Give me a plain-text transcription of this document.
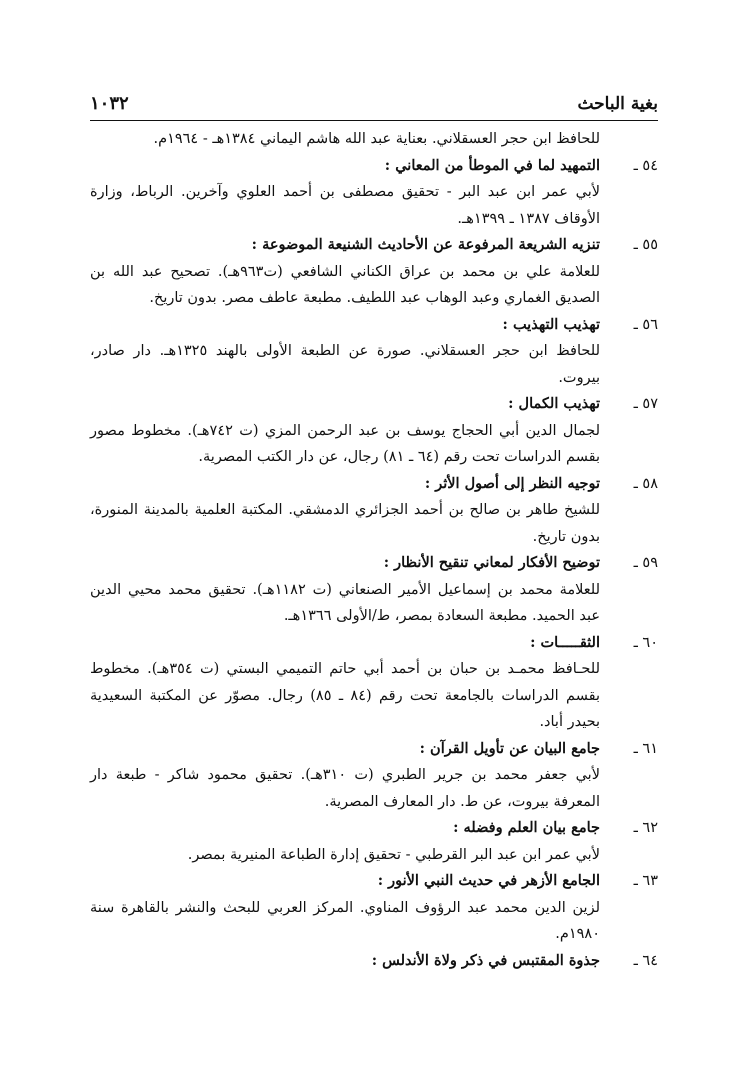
بغية الباحث
١٠٣٢
للحافظ ابن حجر العسقلاني. بعناية عبد الله هاشم اليماني ١٣٨٤هـ - ١٩٦٤م.
٥٤ ـ
التمهيد لما في الموطأ من المعاني :
لأبي عمر ابن عبد البر - تحقيق مصطفى بن أحمد العلوي وآخرين. الرباط، وزارة الأوقاف ١٣٨٧ ـ ١٣٩٩هـ.
٥٥ ـ
تنزيه الشريعة المرفوعة عن الأحاديث الشنيعة الموضوعة :
للعلامة علي بن محمد بن عراق الكناني الشافعي (ت٩٦٣هـ). تصحيح عبد الله بن الصديق الغماري وعبد الوهاب عبد اللطيف. مطبعة عاطف مصر. بدون تاريخ.
٥٦ ـ
تهذيب التهذيب :
للحافظ ابن حجر العسقلاني. صورة عن الطبعة الأولى بالهند ١٣٢٥هـ. دار صادر، بيروت.
٥٧ ـ
تهذيب الكمال :
لجمال الدين أبي الحجاج يوسف بن عبد الرحمن المزي (ت ٧٤٢هـ). مخطوط مصور بقسم الدراسات تحت رقم (٦٤ ـ ٨١) رجال، عن دار الكتب المصرية.
٥٨ ـ
توجيه النظر إلى أصول الأثر :
للشيخ طاهر بن صالح بن أحمد الجزائري الدمشقي. المكتبة العلمية بالمدينة المنورة، بدون تاريخ.
٥٩ ـ
توضيح الأفكار لمعاني تنقيح الأنظار :
للعلامة محمد بن إسماعيل الأمير الصنعاني (ت ١١٨٢هـ). تحقيق محمد محيي الدين عبد الحميد. مطبعة السعادة بمصر، ط/الأولى ١٣٦٦هـ.
٦٠ ـ
الثقـــــات :
للحـافظ محمـد بن حبان بن أحمد أبي حاتم التميمي البستي (ت ٣٥٤هـ). مخطوط بقسم الدراسات بالجامعة تحت رقم (٨٤ ـ ٨٥) رجال. مصوّر عن المكتبة السعيدية بحيدر أباد.
٦١ ـ
جامع البيان عن تأويل القرآن :
لأبي جعفر محمد بن جرير الطبري (ت ٣١٠هـ). تحقيق محمود شاكر - طبعة دار المعرفة بيروت، عن ط. دار المعارف المصرية.
٦٢ ـ
جامع بيان العلم وفضله :
لأبي عمر ابن عبد البر القرطبي - تحقيق إدارة الطباعة المنيرية بمصر.
٦٣ ـ
الجامع الأزهر في حديث النبي الأنور :
لزين الدين محمد عبد الرؤوف المناوي. المركز العربي للبحث والنشر بالقاهرة سنة ١٩٨٠م.
٦٤ ـ
جذوة المقتبس في ذكر ولاة الأندلس :
